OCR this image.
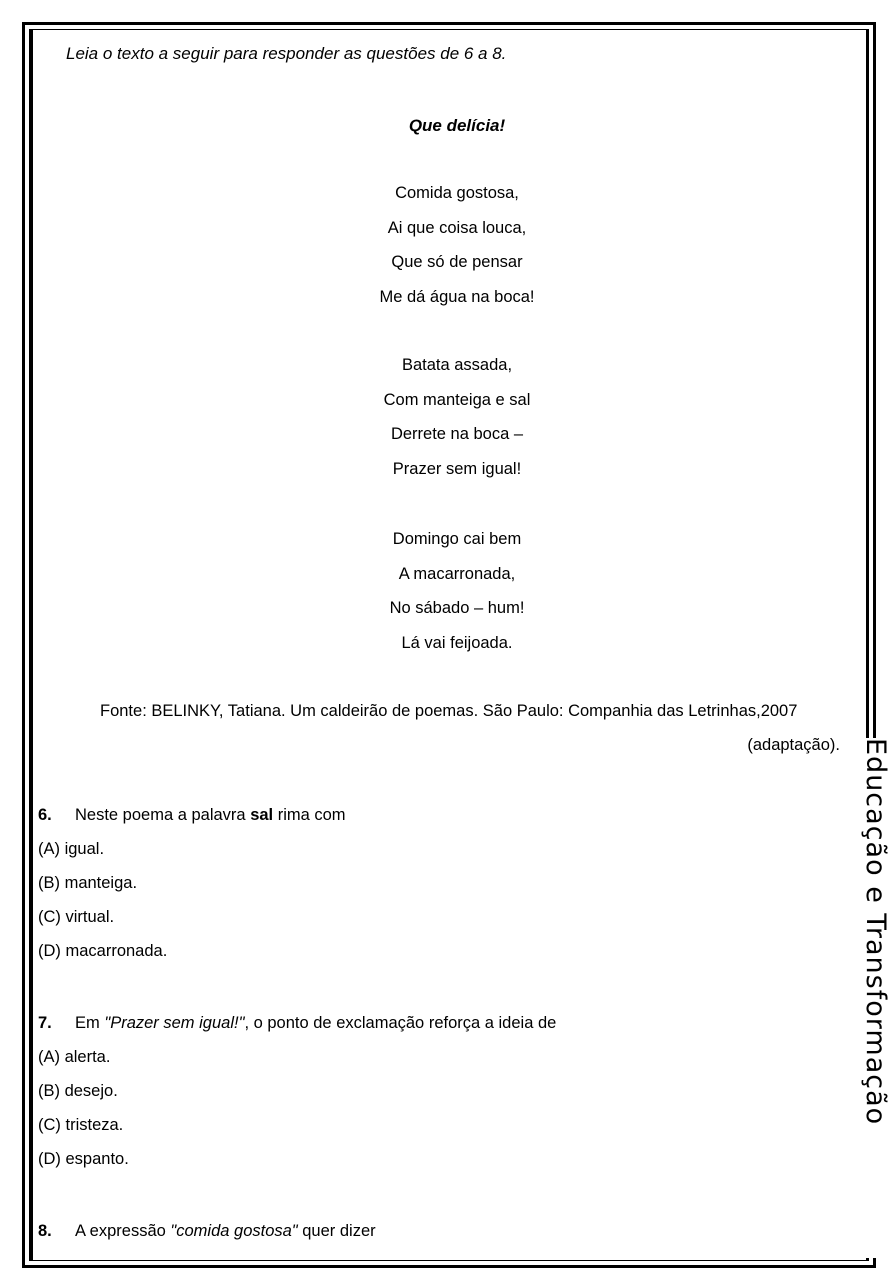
Educação e Transformação
Leia o texto a seguir para responder as questões de 6 a 8.
Que delícia!
Comida gostosa,
Ai que coisa louca,
Que só de pensar
Me dá água na boca!
Batata assada,
Com manteiga e sal
Derrete na boca –
Prazer sem igual!
Domingo cai bem
A macarronada,
No sábado – hum!
Lá vai feijoada.
Fonte: BELINKY, Tatiana. Um caldeirão de poemas. São Paulo: Companhia das Letrinhas,2007
(adaptação).
6. Neste poema a palavra sal rima com
(A) igual.
(B) manteiga.
(C) virtual.
(D) macarronada.
7. Em "Prazer sem igual!", o ponto de exclamação reforça a ideia de
(A) alerta.
(B) desejo.
(C) tristeza.
(D) espanto.
8. A expressão "comida gostosa" quer dizer
